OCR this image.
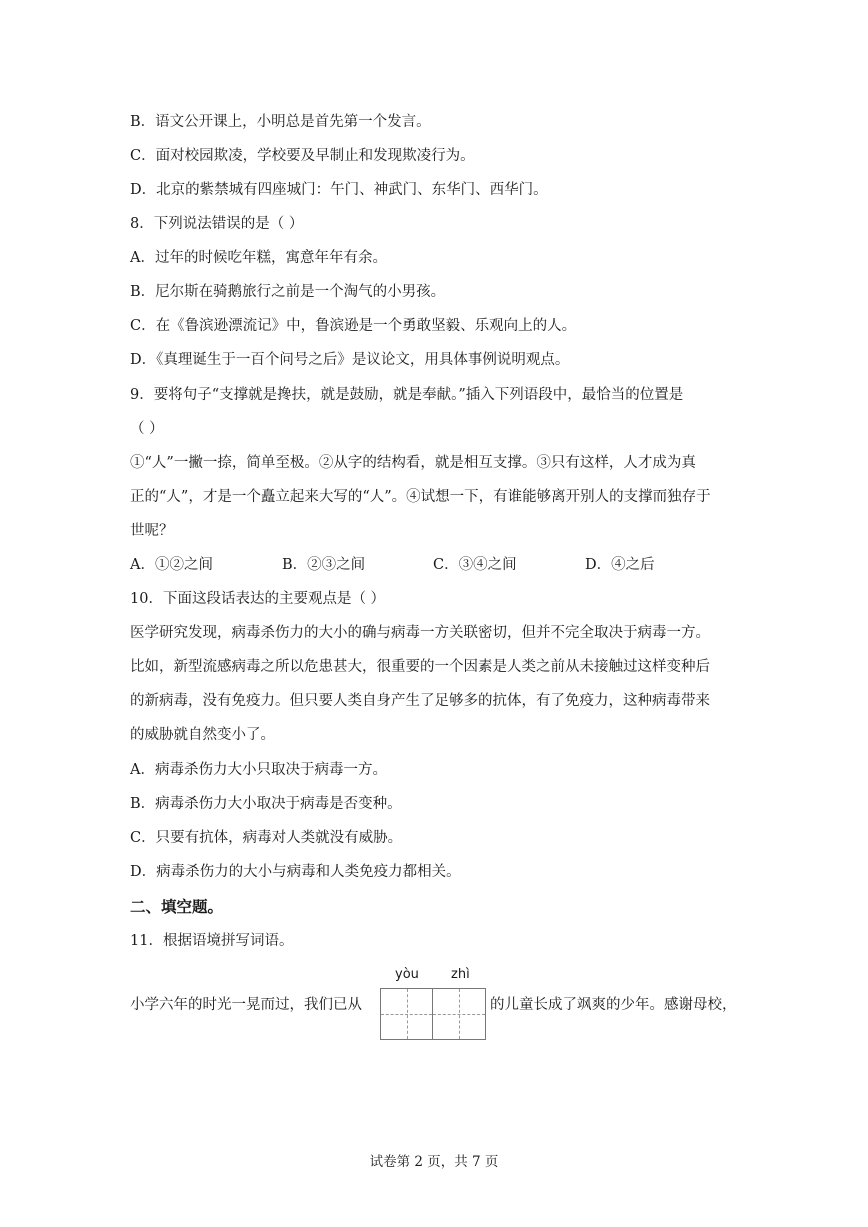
B．语文公开课上，小明总是首先第一个发言。

C．面对校园欺凌，学校要及早制止和发现欺凌行为。

D．北京的紫禁城有四座城门：午门、神武门、东华门、西华门。

8．下列说法错误的是（ ）

A．过年的时候吃年糕，寓意年年有余。

B．尼尔斯在骑鹅旅行之前是一个淘气的小男孩。

C．在《鲁滨逊漂流记》中，鲁滨逊是一个勇敢坚毅、乐观向上的人。

D．《真理诞生于一百个问号之后》是议论文，用具体事例说明观点。

9．要将句子“支撑就是搀扶，就是鼓励，就是奉献。”插入下列语段中，最恰当的位置是

（ ）

①“人”一撇一捺，简单至极。②从字的结构看，就是相互支撑。③只有这样，人才成为真

正的“人”，才是一个矗立起来大写的“人”。④试想一下，有谁能够离开别人的支撑而独存于

世呢？

A．①②之间	B．②③之间	C．③④之间	D．④之后

10．下面这段话表达的主要观点是（ ）

医学研究发现，病毒杀伤力的大小的确与病毒一方关联密切，但并不完全取决于病毒一方。

比如，新型流感病毒之所以危患甚大，很重要的一个因素是人类之前从未接触过这样变种后

的新病毒，没有免疫力。但只要人类自身产生了足够多的抗体，有了免疫力，这种病毒带来

的威胁就自然变小了。

A．病毒杀伤力大小只取决于病毒一方。

B．病毒杀伤力大小取决于病毒是否变种。

C．只要有抗体，病毒对人类就没有威胁。

D．病毒杀伤力的大小与病毒和人类免疫力都相关。

二、填空题。

11．根据语境拼写词语。

yòu zhì
小学六年的时光一晃而过，我们已从	的儿童长成了飒爽的少年。感谢母校，
试卷第 2 页，共 7 页
